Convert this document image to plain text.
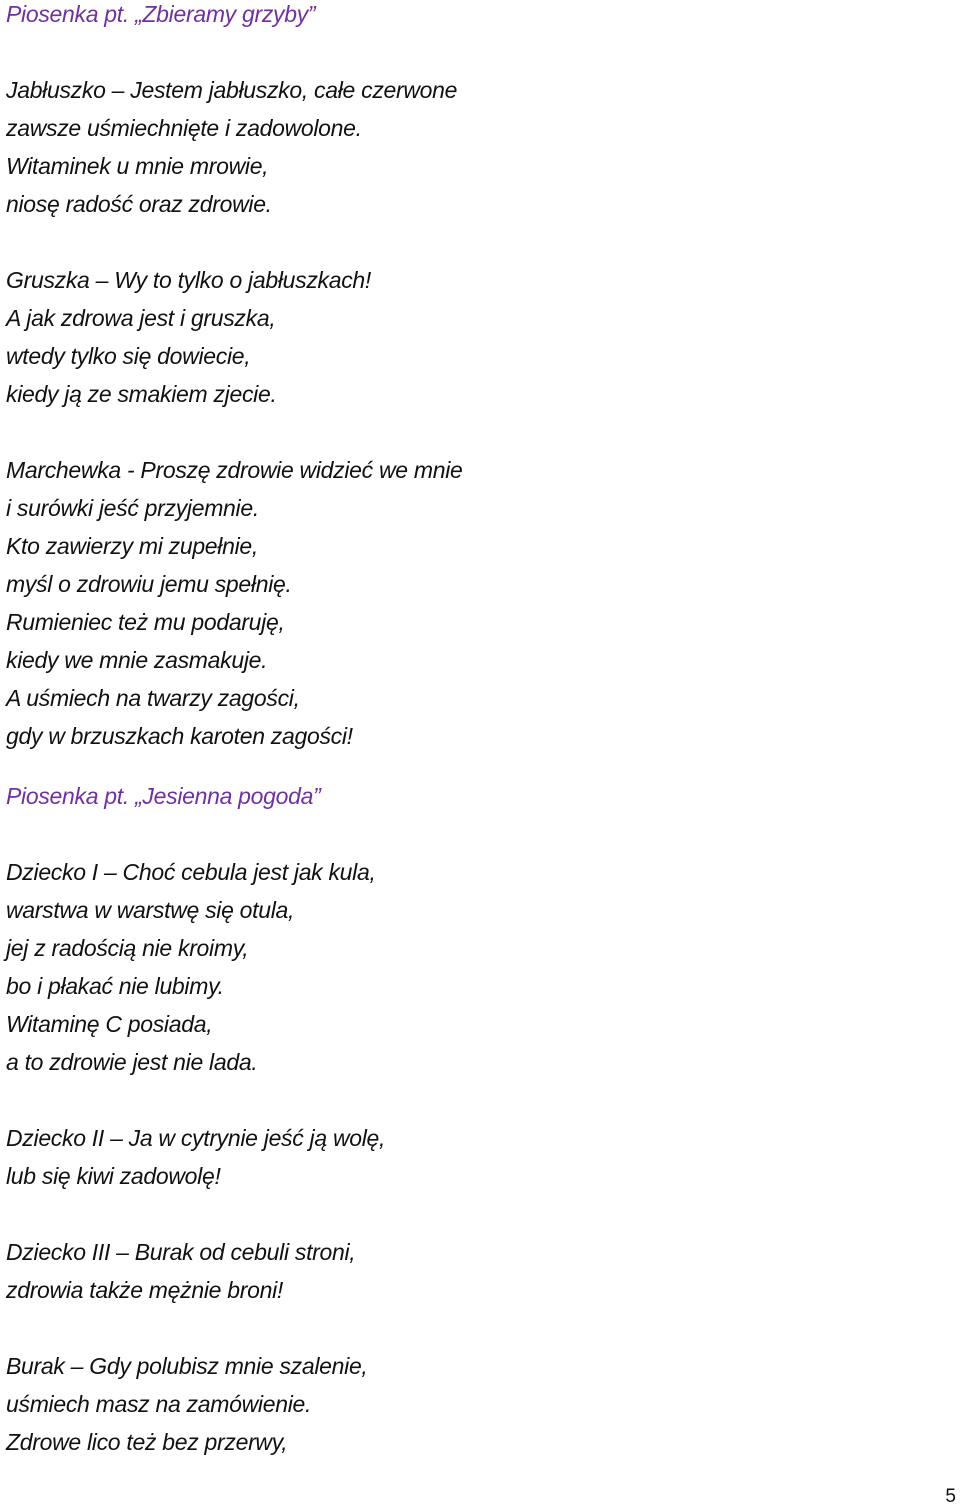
Piosenka pt. „Zbieramy grzyby”
Jabłuszko – Jestem jabłuszko, całe czerwone
zawsze uśmiechnięte i zadowolone.
Witaminek u mnie mrowie,
niosę radość oraz zdrowie.
Gruszka – Wy to tylko o jabłuszkach!
A jak zdrowa jest i gruszka,
wtedy tylko się dowiecie,
kiedy ją ze smakiem zjecie.
Marchewka - Proszę zdrowie widzieć we mnie
i surówki jeść przyjemnie.
Kto zawierzy mi zupełnie,
myśl o zdrowiu jemu spełnię.
Rumieniec też mu podaruję,
kiedy we mnie zasmakuje.
A uśmiech na twarzy zagości,
gdy w brzuszkach karoten zagości!
Piosenka pt. „Jesienna pogoda”
Dziecko I – Choć cebula jest jak kula,
warstwa w warstwę się otula,
jej z radością nie kroimy,
bo i płakać nie lubimy.
Witaminę C posiada,
a to zdrowie jest nie lada.
Dziecko II – Ja w cytrynie jeść ją wolę,
lub się kiwi zadowolę!
Dziecko III – Burak od cebuli stroni,
zdrowia także mężnie broni!
Burak – Gdy polubisz mnie szalenie,
uśmiech masz na zamówienie.
Zdrowe lico też bez przerwy,
5
